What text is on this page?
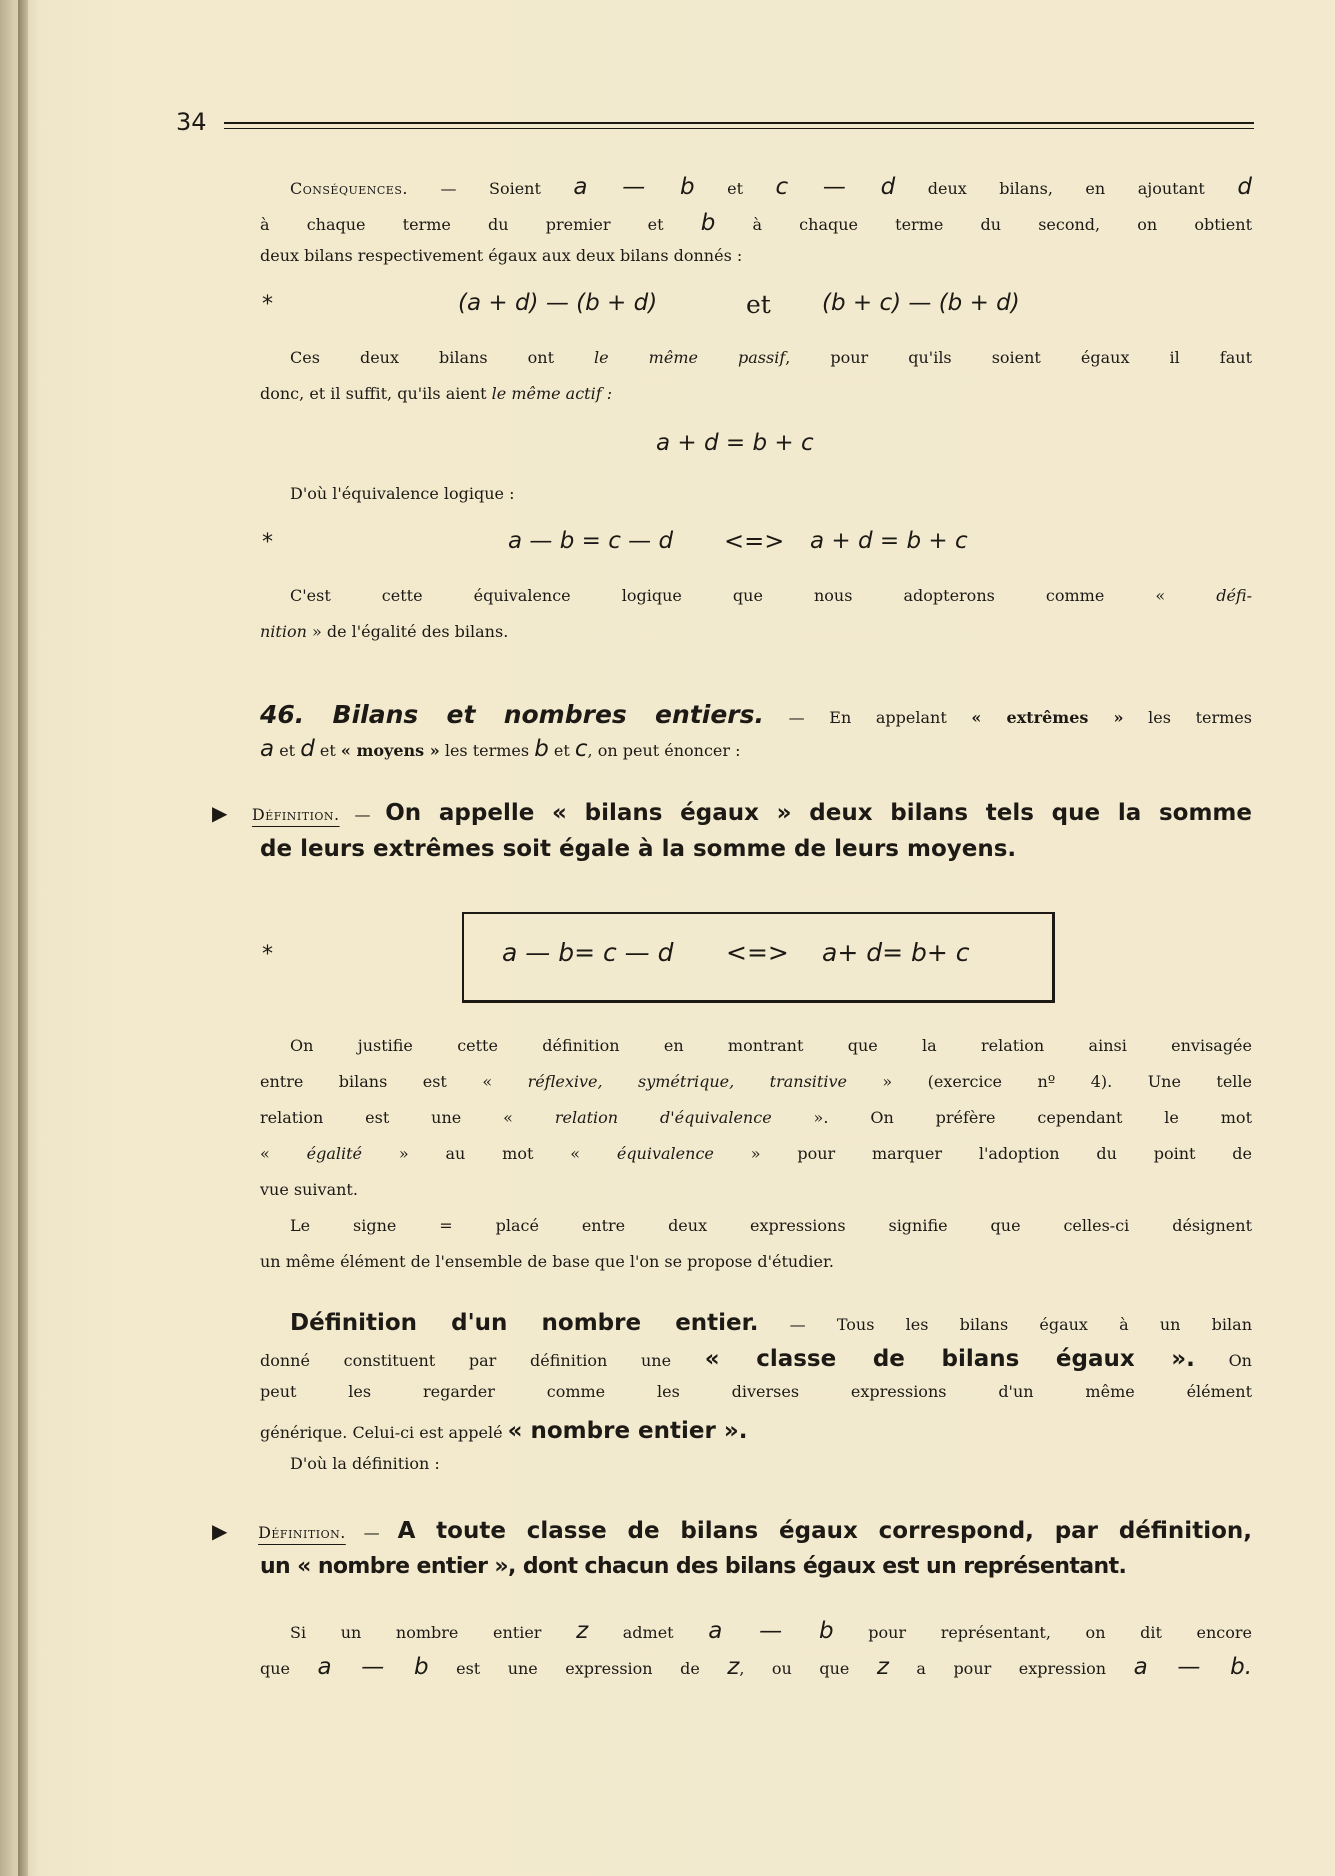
34
Conséquences. — Soient a — b et c — d deux bilans, en ajoutant d
à chaque terme du premier et b à chaque terme du second, on obtient
deux bilans respectivement égaux aux deux bilans donnés :
*	(a + d) — (b + d)	et (b + c) — (b + d)
Ces deux bilans ont le même passif, pour qu'ils soient égaux il faut
donc, et il suffit, qu'ils aient le même actif :
a + d = b + c
D'où l'équivalence logique :
*	a — b = c — d <=> a + d = b + c
C'est cette équivalence logique que nous adopterons comme « défi-
nition » de l'égalité des bilans.
46. Bilans et nombres entiers. — En appelant « extrêmes » les termes
a et d et « moyens » les termes b et c, on peut énoncer :
▶ Définition. — On appelle « bilans égaux » deux bilans tels que la somme
de leurs extrêmes soit égale à la somme de leurs moyens.
*	a — b= c — d <=> a+ d= b+ c
On justifie cette définition en montrant que la relation ainsi envisagée
entre bilans est « réflexive, symétrique, transitive » (exercice nº 4). Une telle
relation est une « relation d'équivalence ». On préfère cependant le mot
« égalité » au mot « équivalence » pour marquer l'adoption du point de
vue suivant.
Le signe = placé entre deux expressions signifie que celles-ci désignent
un même élément de l'ensemble de base que l'on se propose d'étudier.
Définition d'un nombre entier. — Tous les bilans égaux à un bilan
donné constituent par définition une « classe de bilans égaux ». On
peut les regarder comme les diverses expressions d'un même élément
générique. Celui-ci est appelé « nombre entier ».
D'où la définition :
▶ Définition. — A toute classe de bilans égaux correspond, par définition,
un « nombre entier », dont chacun des bilans égaux est un représentant.
Si un nombre entier z admet a — b pour représentant, on dit encore
que a — b est une expression de z, ou que z a pour expression a — b.
